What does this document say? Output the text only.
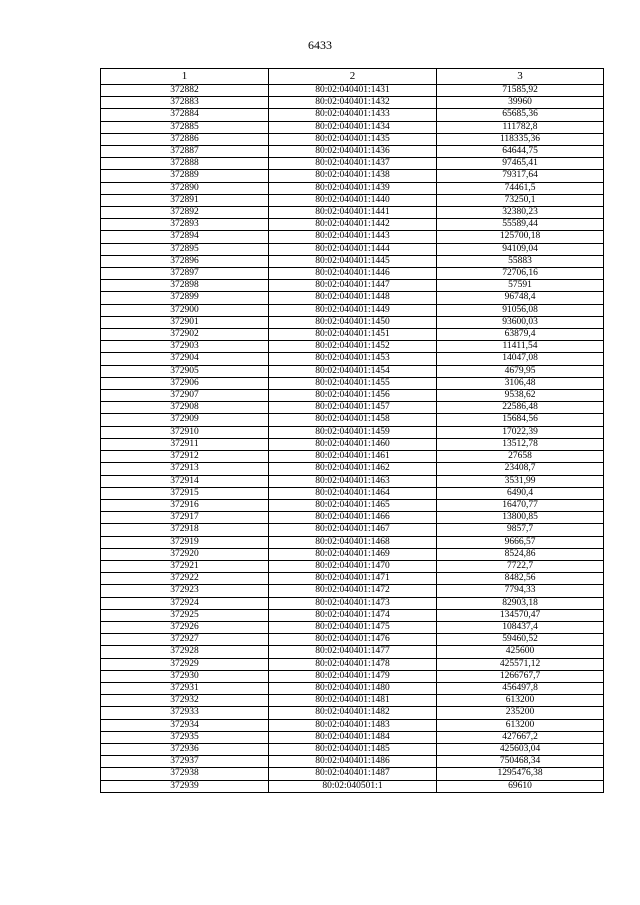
6433
1	2	3
372882	80:02:040401:1431	71585,92
372883	80:02:040401:1432	39960
372884	80:02:040401:1433	65685,36
372885	80:02:040401:1434	111782,8
372886	80:02:040401:1435	118335,36
372887	80:02:040401:1436	64644,75
372888	80:02:040401:1437	97465,41
372889	80:02:040401:1438	79317,64
372890	80:02:040401:1439	74461,5
372891	80:02:040401:1440	73250,1
372892	80:02:040401:1441	32380,23
372893	80:02:040401:1442	55589,44
372894	80:02:040401:1443	125700,18
372895	80:02:040401:1444	94109,04
372896	80:02:040401:1445	55883
372897	80:02:040401:1446	72706,16
372898	80:02:040401:1447	57591
372899	80:02:040401:1448	96748,4
372900	80:02:040401:1449	91056,08
372901	80:02:040401:1450	93600,03
372902	80:02:040401:1451	63879,4
372903	80:02:040401:1452	11411,54
372904	80:02:040401:1453	14047,08
372905	80:02:040401:1454	4679,95
372906	80:02:040401:1455	3106,48
372907	80:02:040401:1456	9538,62
372908	80:02:040401:1457	22586,48
372909	80:02:040401:1458	15684,56
372910	80:02:040401:1459	17022,39
372911	80:02:040401:1460	13512,78
372912	80:02:040401:1461	27658
372913	80:02:040401:1462	23408,7
372914	80:02:040401:1463	3531,99
372915	80:02:040401:1464	6490,4
372916	80:02:040401:1465	16470,77
372917	80:02:040401:1466	13800,85
372918	80:02:040401:1467	9857,7
372919	80:02:040401:1468	9666,57
372920	80:02:040401:1469	8524,86
372921	80:02:040401:1470	7722,7
372922	80:02:040401:1471	8482,56
372923	80:02:040401:1472	7794,33
372924	80:02:040401:1473	82903,18
372925	80:02:040401:1474	134570,47
372926	80:02:040401:1475	108437,4
372927	80:02:040401:1476	59460,52
372928	80:02:040401:1477	425600
372929	80:02:040401:1478	425571,12
372930	80:02:040401:1479	1266767,7
372931	80:02:040401:1480	456497,8
372932	80:02:040401:1481	613200
372933	80:02:040401:1482	235200
372934	80:02:040401:1483	613200
372935	80:02:040401:1484	427667,2
372936	80:02:040401:1485	425603,04
372937	80:02:040401:1486	750468,34
372938	80:02:040401:1487	1295476,38
372939	80:02:040501:1	69610
